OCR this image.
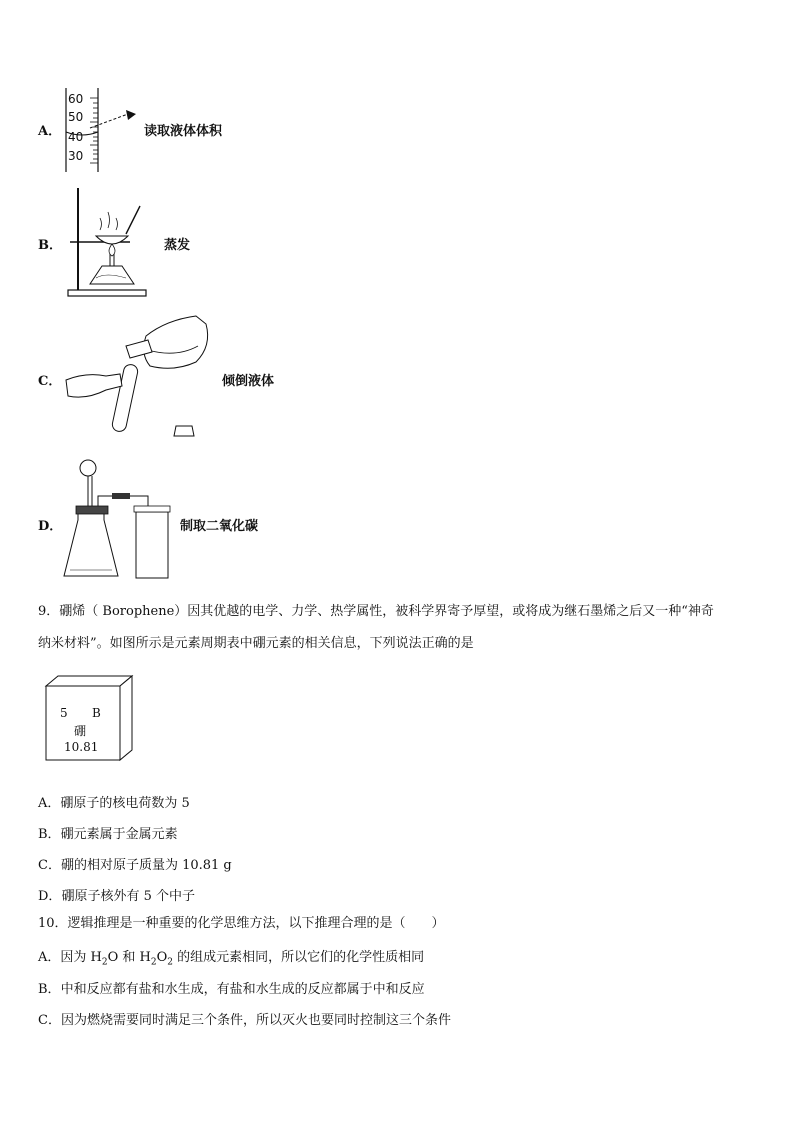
A．
60
50
40
30
读取液体体积
B．	蒸发
C．	倾倒液体
D．	制取二氧化碳
9．硼烯（ Borophene）因其优越的电学、力学、热学属性，被科学界寄予厚望，或将成为继石墨烯之后又一种“神奇
纳米材料”。如图所示是元素周期表中硼元素的相关信息，下列说法正确的是
5 B
硼
10.81
A．硼原子的核电荷数为 5
B．硼元素属于金属元素
C．硼的相对原子质量为 10.81 g
D．硼原子核外有 5 个中子
10．逻辑推理是一种重要的化学思维方法，以下推理合理的是（　　）
A．因为 $H_2O$ 和 $H_2O_2$ 的组成元素相同，所以它们的化学性质相同
B．中和反应都有盐和水生成，有盐和水生成的反应都属于中和反应
C．因为燃烧需要同时满足三个条件，所以灭火也要同时控制这三个条件
